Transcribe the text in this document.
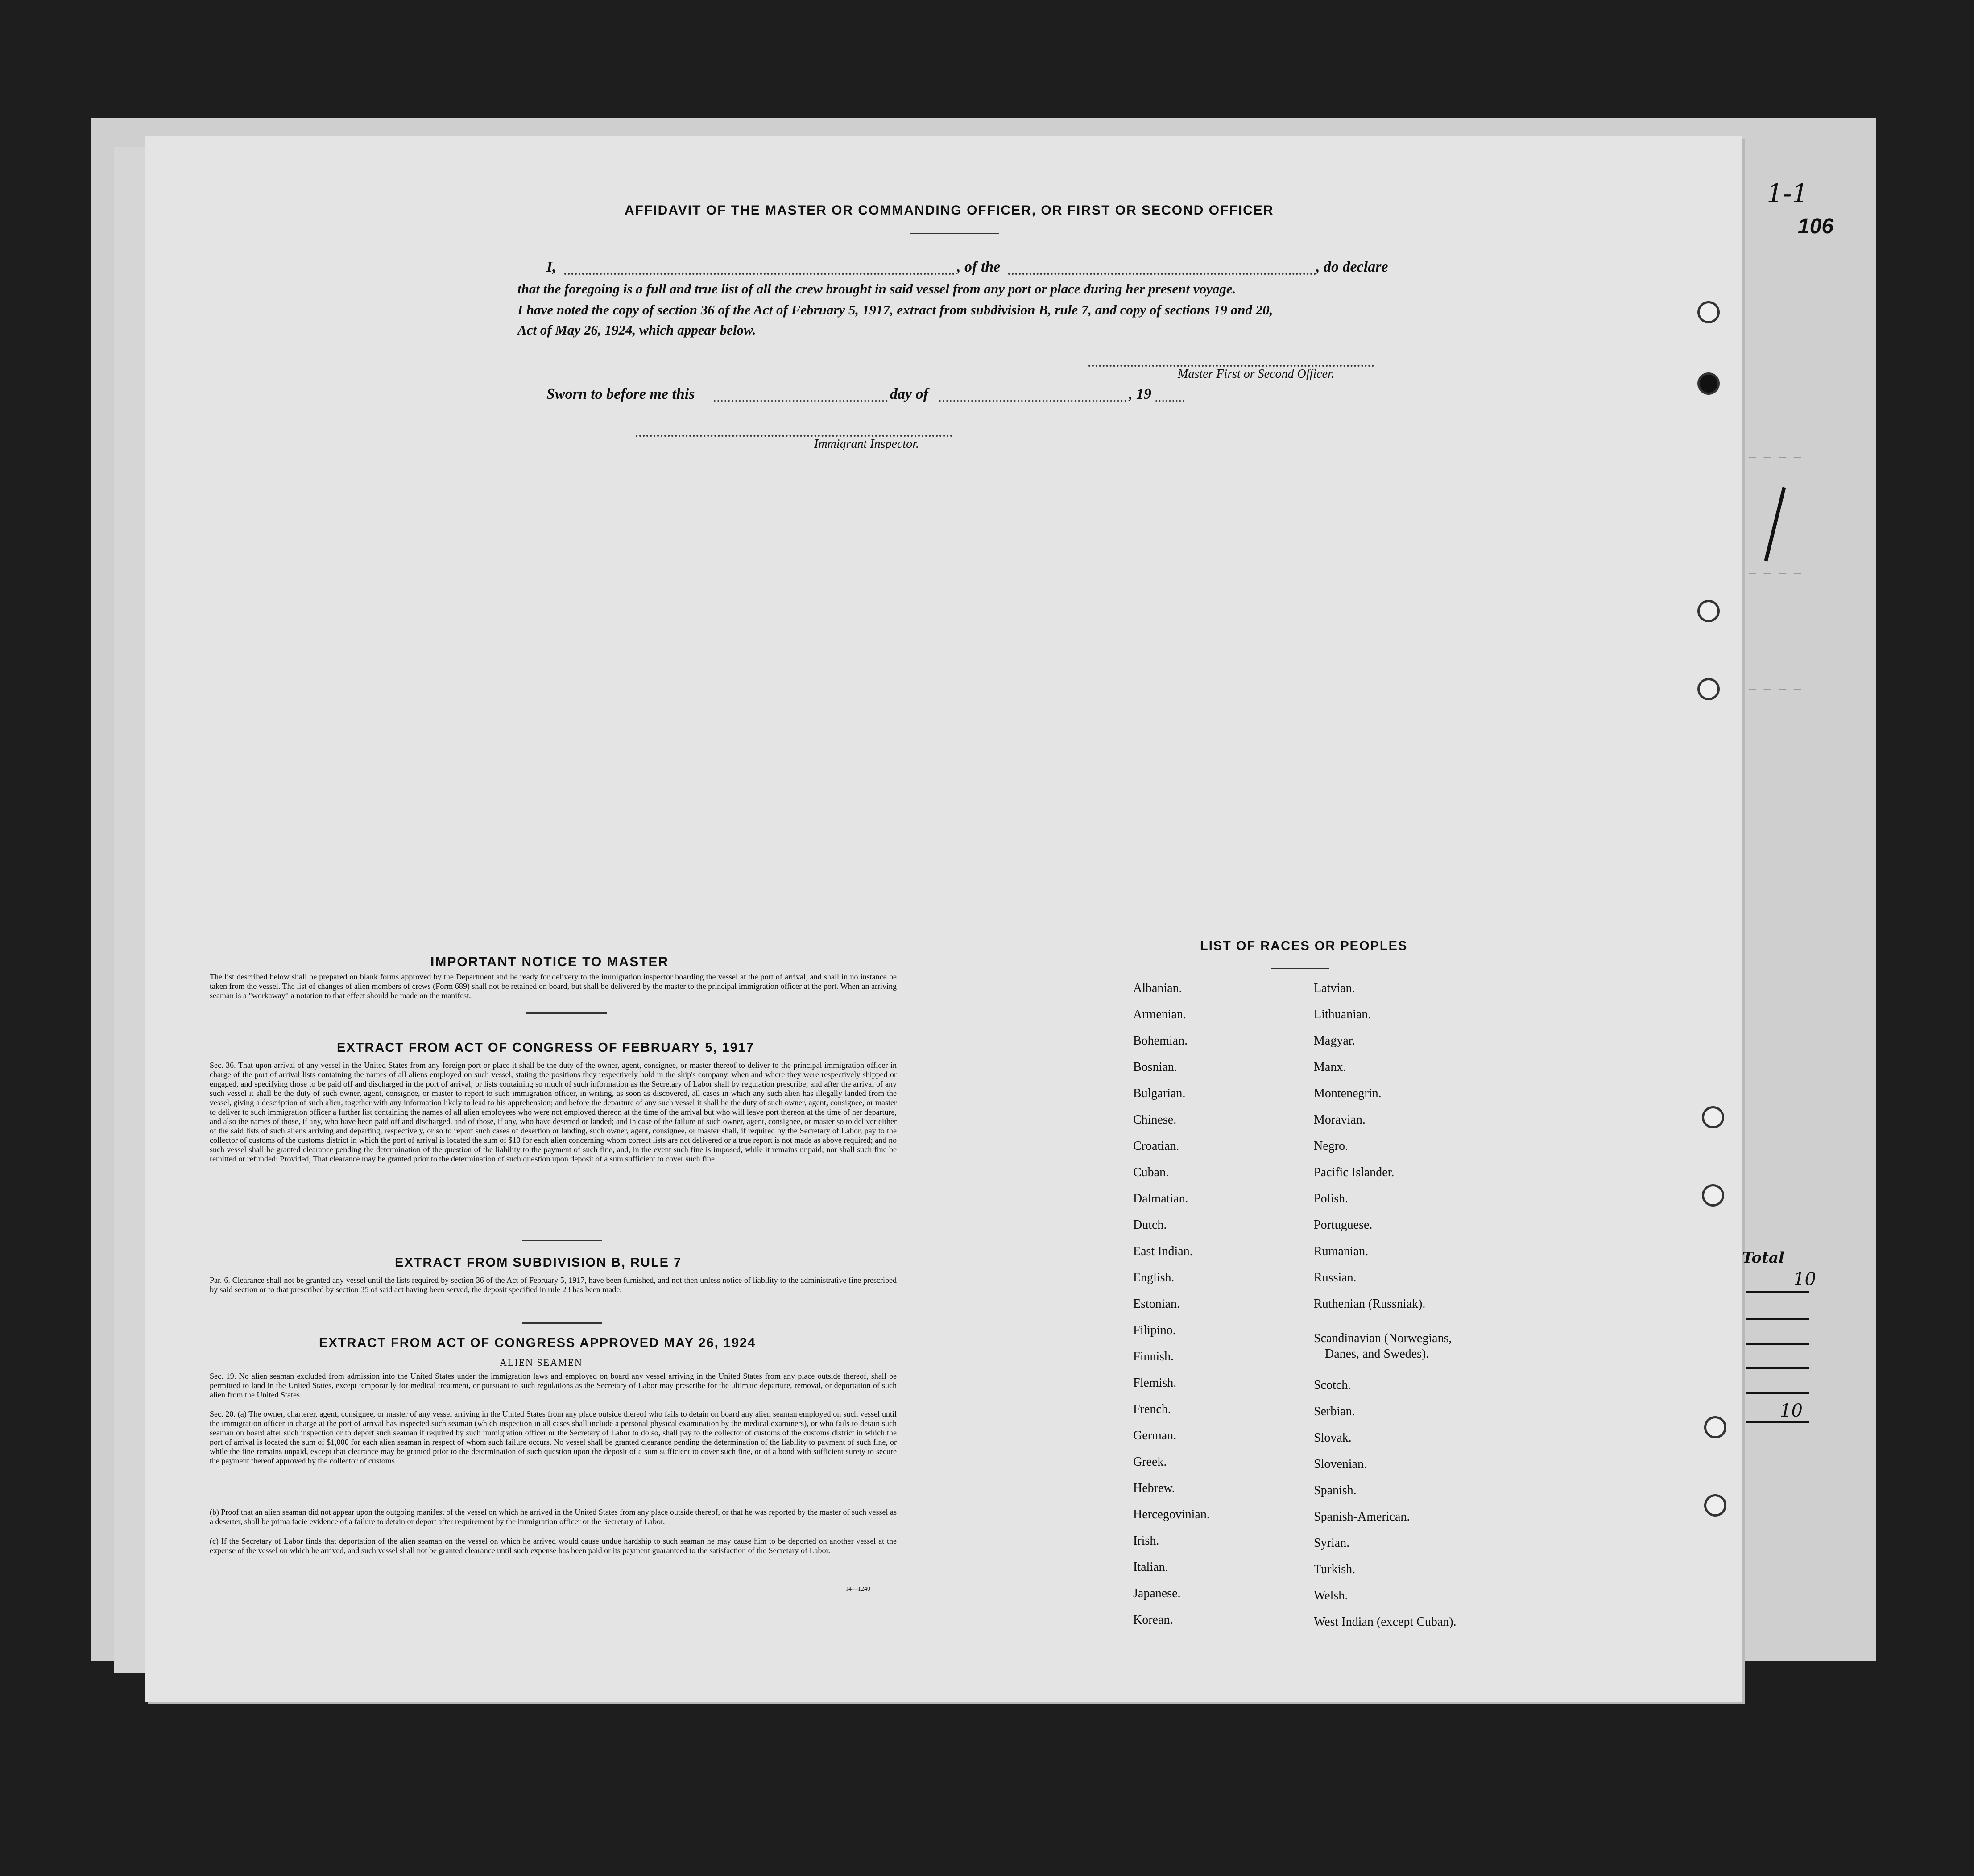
106
1-1
— — — —
— — — —
— — — —
AFFIDAVIT OF THE MASTER OR COMMANDING OFFICER, OR FIRST OR SECOND OFFICER
I,	, of the	, do declare
that the foregoing is a full and true list of all the crew brought in said vessel from any port or place during her present voyage.
I have noted the copy of section 36 of the Act of February 5, 1917, extract from subdivision B, rule 7, and copy of sections 19 and 20,
Act of May 26, 1924, which appear below.
Master First or Second Officer.
Sworn to before me this	day of	, 19
Immigrant Inspector.
IMPORTANT NOTICE TO MASTER
The list described below shall be prepared on blank forms approved by the Department and be ready for delivery to the immigration inspector boarding the vessel at the port of arrival, and shall in no instance be taken from the vessel. The list of changes of alien members of crews (Form 689) shall not be retained on board, but shall be delivered by the master to the principal immigration officer at the port. When an arriving seaman is a "workaway" a notation to that effect should be made on the manifest.
EXTRACT FROM ACT OF CONGRESS OF FEBRUARY 5, 1917
Sec. 36. That upon arrival of any vessel in the United States from any foreign port or place it shall be the duty of the owner, agent, consignee, or master thereof to deliver to the principal immigration officer in charge of the port of arrival lists containing the names of all aliens employed on such vessel, stating the positions they respectively hold in the ship's company, when and where they were respectively shipped or engaged, and specifying those to be paid off and discharged in the port of arrival; or lists containing so much of such information as the Secretary of Labor shall by regulation prescribe; and after the arrival of any such vessel it shall be the duty of such owner, agent, consignee, or master to report to such immigration officer, in writing, as soon as discovered, all cases in which any such alien has illegally landed from the vessel, giving a description of such alien, together with any information likely to lead to his apprehension; and before the departure of any such vessel it shall be the duty of such owner, agent, consignee, or master to deliver to such immigration officer a further list containing the names of all alien employees who were not employed thereon at the time of the arrival but who will leave port thereon at the time of her departure, and also the names of those, if any, who have been paid off and discharged, and of those, if any, who have deserted or landed; and in case of the failure of such owner, agent, consignee, or master so to deliver either of the said lists of such aliens arriving and departing, respectively, or so to report such cases of desertion or landing, such owner, agent, consignee, or master shall, if required by the Secretary of Labor, pay to the collector of customs of the customs district in which the port of arrival is located the sum of $10 for each alien concerning whom correct lists are not delivered or a true report is not made as above required; and no such vessel shall be granted clearance pending the determination of the question of the liability to the payment of such fine, and, in the event such fine is imposed, while it remains unpaid; nor shall such fine be remitted or refunded: Provided, That clearance may be granted prior to the determination of such question upon deposit of a sum sufficient to cover such fine.
EXTRACT FROM SUBDIVISION B, RULE 7
Par. 6. Clearance shall not be granted any vessel until the lists required by section 36 of the Act of February 5, 1917, have been furnished, and not then unless notice of liability to the administrative fine prescribed by said section or to that prescribed by section 35 of said act having been served, the deposit specified in rule 23 has been made.
EXTRACT FROM ACT OF CONGRESS APPROVED MAY 26, 1924
ALIEN SEAMEN
Sec. 19. No alien seaman excluded from admission into the United States under the immigration laws and employed on board any vessel arriving in the United States from any place outside thereof, shall be permitted to land in the United States, except temporarily for medical treatment, or pursuant to such regulations as the Secretary of Labor may prescribe for the ultimate departure, removal, or deportation of such alien from the United States.
Sec. 20. (a) The owner, charterer, agent, consignee, or master of any vessel arriving in the United States from any place outside thereof who fails to detain on board any alien seaman employed on such vessel until the immigration officer in charge at the port of arrival has inspected such seaman (which inspection in all cases shall include a personal physical examination by the medical examiners), or who fails to detain such seaman on board after such inspection or to deport such seaman if required by such immigration officer or the Secretary of Labor to do so, shall pay to the collector of customs of the customs district in which the port of arrival is located the sum of $1,000 for each alien seaman in respect of whom such failure occurs. No vessel shall be granted clearance pending the determination of the liability to payment of such fine, or while the fine remains unpaid, except that clearance may be granted prior to the determination of such question upon the deposit of a sum sufficient to cover such fine, or of a bond with sufficient surety to secure the payment thereof approved by the collector of customs.
(b) Proof that an alien seaman did not appear upon the outgoing manifest of the vessel on which he arrived in the United States from any place outside thereof, or that he was reported by the master of such vessel as a deserter, shall be prima facie evidence of a failure to detain or deport after requirement by the immigration officer or the Secretary of Labor.
(c) If the Secretary of Labor finds that deportation of the alien seaman on the vessel on which he arrived would cause undue hardship to such seaman he may cause him to be deported on another vessel at the expense of the vessel on which he arrived, and such vessel shall not be granted clearance until such expense has been paid or its payment guaranteed to the satisfaction of the Secretary of Labor.
14—1240
LIST OF RACES OR PEOPLES
Albanian.
Armenian.
Bohemian.
Bosnian.
Bulgarian.
Chinese.
Croatian.
Cuban.
Dalmatian.
Dutch.
East Indian.
English.
Estonian.
Filipino.
Finnish.
Flemish.
French.
German.
Greek.
Hebrew.
Hercegovinian.
Irish.
Italian.
Japanese.
Korean.
Latvian.
Lithuanian.
Magyar.
Manx.
Montenegrin.
Moravian.
Negro.
Pacific Islander.
Polish.
Portuguese.
Rumanian.
Russian.
Ruthenian (Russniak).
Scandinavian (Norwegians,
Danes, and Swedes).
Scotch.
Serbian.
Slovak.
Slovenian.
Spanish.
Spanish-American.
Syrian.
Turkish.
Welsh.
West Indian (except Cuban).
Total
10
10
